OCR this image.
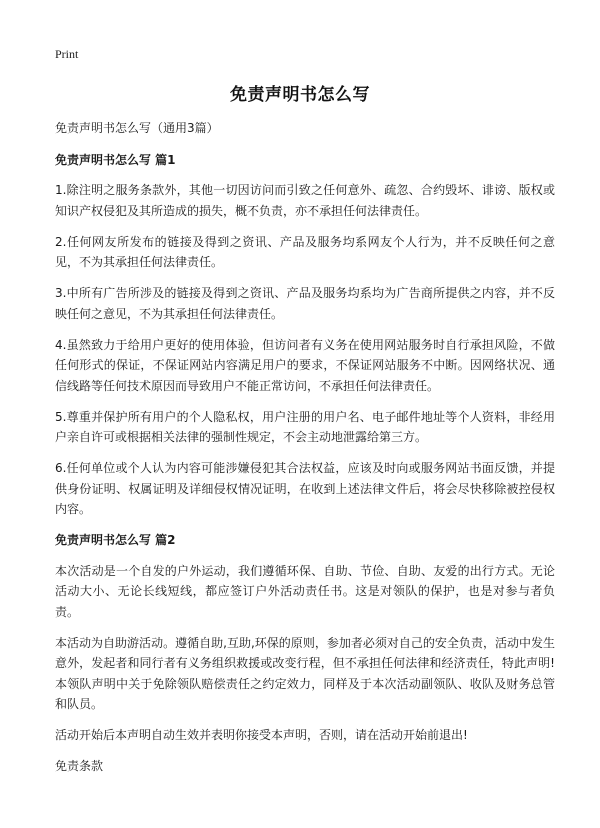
Print
免责声明书怎么写

免责声明书怎么写（通用3篇）

免责声明书怎么写 篇1

1.除注明之服务条款外，其他一切因访问而引致之任何意外、疏忽、合约毁坏、诽谤、版权或知识产权侵犯及其所造成的损失，概不负责，亦不承担任何法律责任。

2.任何网友所发布的链接及得到之资讯、产品及服务均系网友个人行为，并不反映任何之意见，不为其承担任何法律责任。

3.中所有广告所涉及的链接及得到之资讯、产品及服务均系均为广告商所提供之内容，并不反映任何之意见，不为其承担任何法律责任。

4.虽然致力于给用户更好的使用体验，但访问者有义务在使用网站服务时自行承担风险，不做任何形式的保证，不保证网站内容满足用户的要求，不保证网站服务不中断。因网络状况、通信线路等任何技术原因而导致用户不能正常访问，不承担任何法律责任。

5.尊重并保护所有用户的个人隐私权，用户注册的用户名、电子邮件地址等个人资料，非经用户亲自许可或根据相关法律的强制性规定，不会主动地泄露给第三方。

6.任何单位或个人认为内容可能涉嫌侵犯其合法权益，应该及时向或服务网站书面反馈，并提供身份证明、权属证明及详细侵权情况证明，在收到上述法律文件后，将会尽快移除被控侵权内容。

免责声明书怎么写 篇2

本次活动是一个自发的户外运动，我们遵循环保、自助、节俭、自助、友爱的出行方式。无论活动大小、无论长线短线，都应签订户外活动责任书。这是对领队的保护，也是对参与者负责。

本活动为自助游活动。遵循自助,互助,环保的原则，参加者必须对自己的安全负责，活动中发生意外，发起者和同行者有义务组织救援或改变行程，但不承担任何法律和经济责任，特此声明!本领队声明中关于免除领队赔偿责任之约定效力，同样及于本次活动副领队、收队及财务总管和队员。

活动开始后本声明自动生效并表明你接受本声明，否则，请在活动开始前退出!

免责条款
